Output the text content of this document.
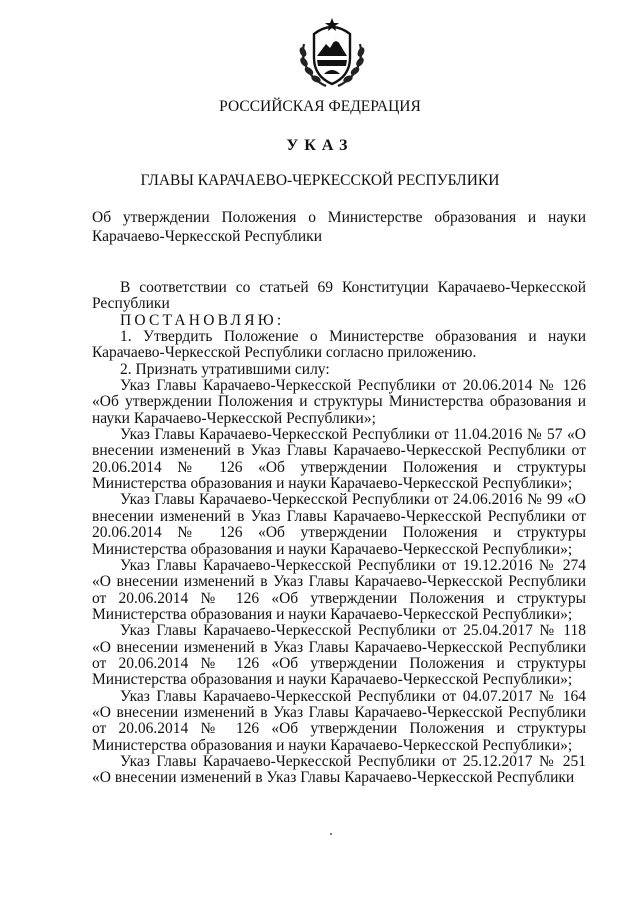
РОССИЙСКАЯ ФЕДЕРАЦИЯ
УКАЗ
ГЛАВЫ КАРАЧАЕВО-ЧЕРКЕССКОЙ РЕСПУБЛИКИ
Об утверждении Положения о Министерстве образования и науки Карачаево-Черкесской Республики

В соответствии со статьей 69 Конституции Карачаево-Черкесской Республики

ПОСТАНОВЛЯЮ:

1. Утвердить Положение о Министерстве образования и науки Карачаево-Черкесской Республики согласно приложению.

2. Признать утратившими силу:

Указ Главы Карачаево-Черкесской Республики от 20.06.2014 № 126 «Об утверждении Положения и структуры Министерства образования и науки Карачаево-Черкесской Республики»;

Указ Главы Карачаево-Черкесской Республики от 11.04.2016 № 57 «О внесении изменений в Указ Главы Карачаево-Черкесской Республики от 20.06.2014 № 126 «Об утверждении Положения и структуры Министерства образования и науки Карачаево-Черкесской Республики»;

Указ Главы Карачаево-Черкесской Республики от 24.06.2016 № 99 «О внесении изменений в Указ Главы Карачаево-Черкесской Республики от 20.06.2014 № 126 «Об утверждении Положения и структуры Министерства образования и науки Карачаево-Черкесской Республики»;

Указ Главы Карачаево-Черкесской Республики от 19.12.2016 № 274 «О внесении изменений в Указ Главы Карачаево-Черкесской Республики от 20.06.2014 № 126 «Об утверждении Положения и структуры Министерства образования и науки Карачаево-Черкесской Республики»;

Указ Главы Карачаево-Черкесской Республики от 25.04.2017 № 118 «О внесении изменений в Указ Главы Карачаево-Черкесской Республики от 20.06.2014 № 126 «Об утверждении Положения и структуры Министерства образования и науки Карачаево-Черкесской Республики»;

Указ Главы Карачаево-Черкесской Республики от 04.07.2017 № 164 «О внесении изменений в Указ Главы Карачаево-Черкесской Республики от 20.06.2014 № 126 «Об утверждении Положения и структуры Министерства образования и науки Карачаево-Черкесской Республики»;

Указ Главы Карачаевo-Черкесской Республики от 25.12.2017 № 251 «О внесении изменений в Указ Главы Карачаево-Черкесской Республики
